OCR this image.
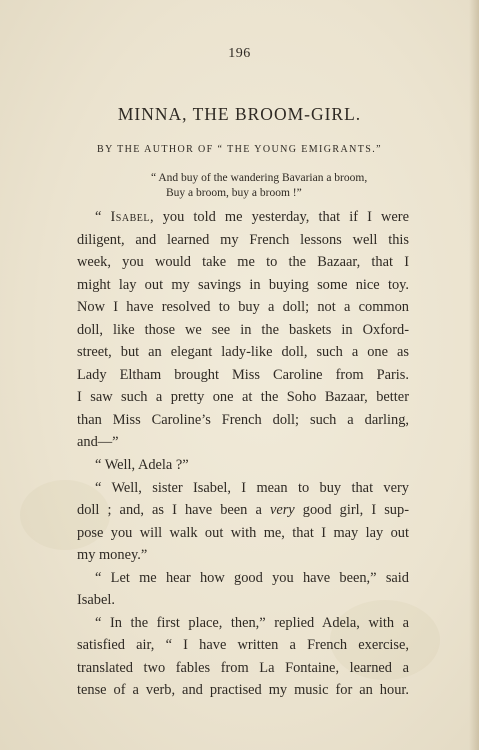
196
MINNA, THE BROOM-GIRL.
BY THE AUTHOR OF “ THE YOUNG EMIGRANTS.”
“ And buy of the wandering Bavarian a broom,
Buy a broom, buy a broom !”
“ Isabel, you told me yesterday, that if I were
diligent, and learned my French lessons well this
week, you would take me to the Bazaar, that I
might lay out my savings in buying some nice toy.
Now I have resolved to buy a doll; not a common
doll, like those we see in the baskets in Oxford-
street, but an elegant lady-like doll, such a one as
Lady Eltham brought Miss Caroline from Paris.
I saw such a pretty one at the Soho Bazaar, better
than Miss Caroline’s French doll; such a darling,
and—”
“ Well, Adela ?”
“ Well, sister Isabel, I mean to buy that very
doll ; and, as I have been a very good girl, I sup-
pose you will walk out with me, that I may lay out
my money.”
“ Let me hear how good you have been,” said
Isabel.
“ In the first place, then,” replied Adela, with a
satisfied air, “ I have written a French exercise,
translated two fables from La Fontaine, learned a
tense of a verb, and practised my music for an hour.
